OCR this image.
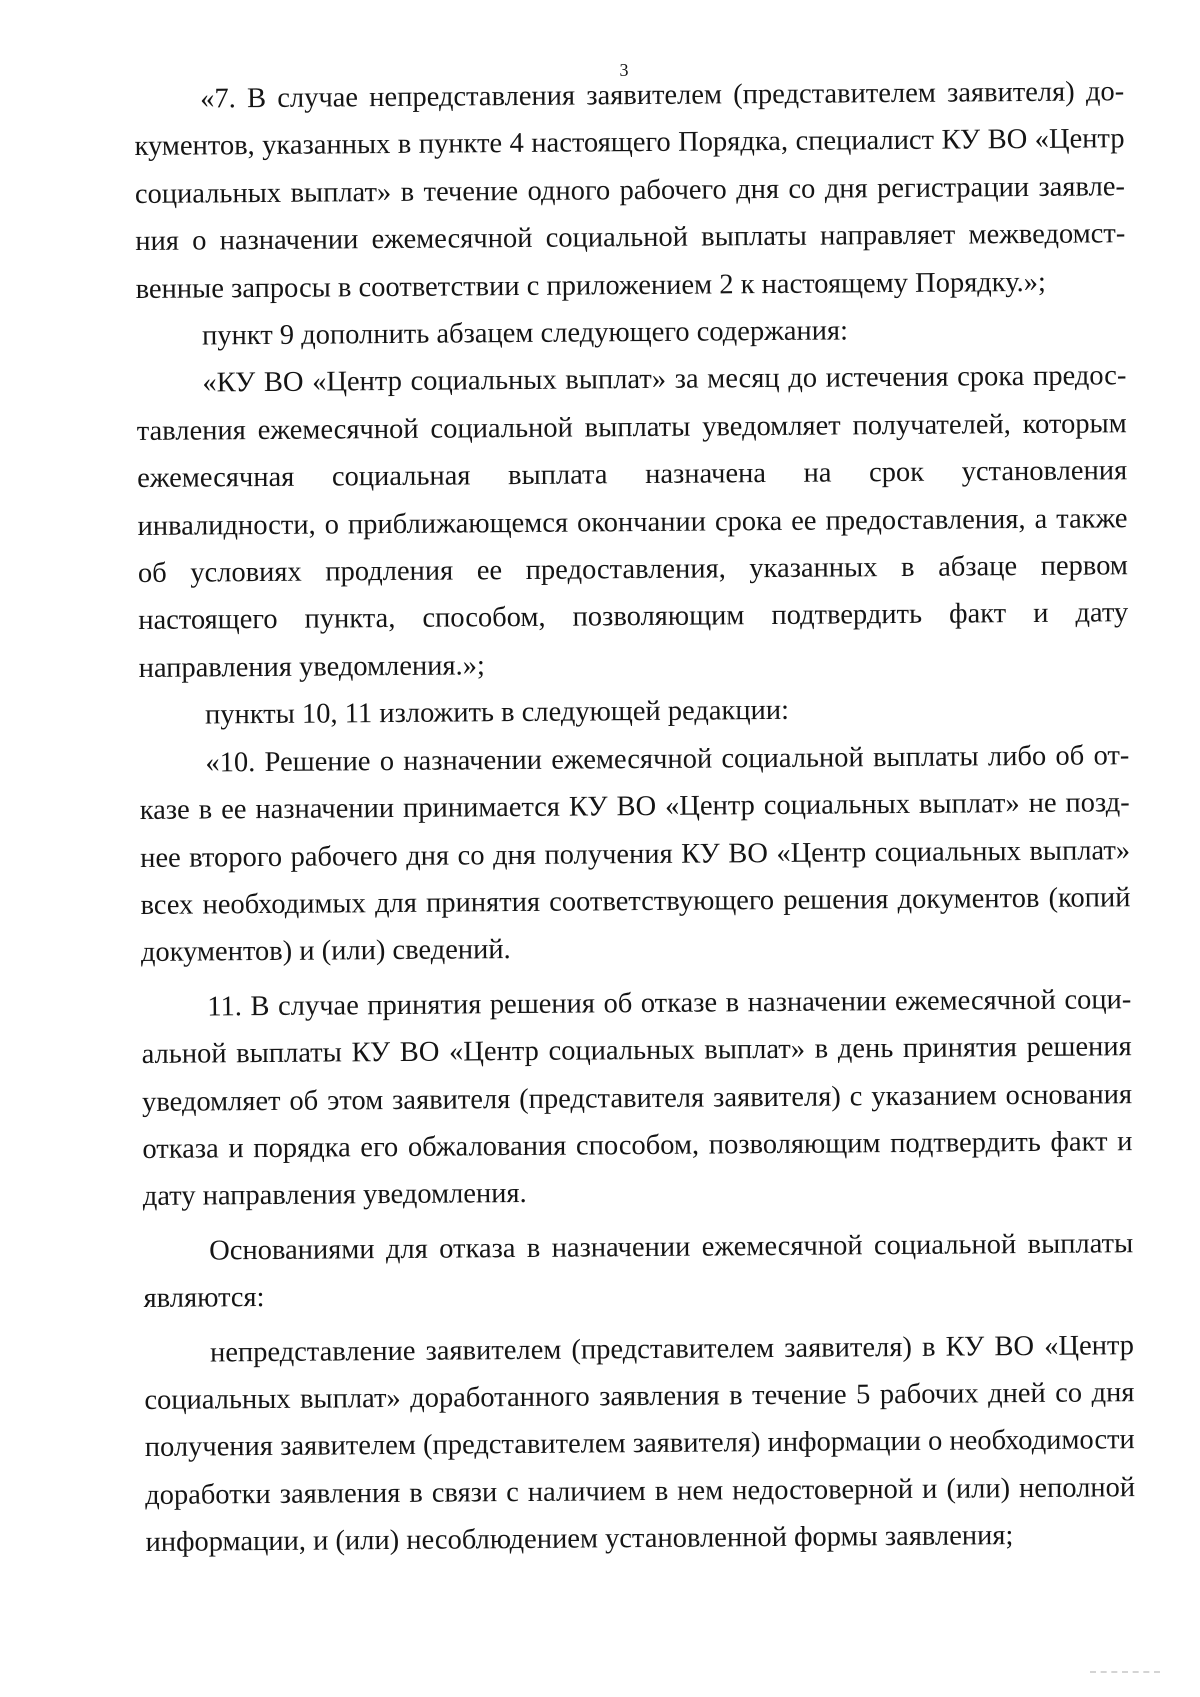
3

«7. В случае непредставления заявителем (представителем заявителя) документов, указанных в пункте 4 настоящего Порядка, специалист КУ ВО «Центр социальных выплат» в течение одного рабочего дня со дня регистрации заявления о назначении ежемесячной социальной выплаты направляет межведомственные запросы в соответствии с приложением 2 к настоящему Порядку.»;

пункт 9 дополнить абзацем следующего содержания:

«КУ ВО «Центр социальных выплат» за месяц до истечения срока предоставления ежемесячной социальной выплаты уведомляет получателей, которым ежемесячная социальная выплата назначена на срок установления инвалидности, о приближающемся окончании срока ее предоставления, а также об условиях продления ее предоставления, указанных в абзаце первом настоящего пункта, способом, позволяющим подтвердить факт и дату направления уведомления.»;

пункты 10, 11 изложить в следующей редакции:

«10. Решение о назначении ежемесячной социальной выплаты либо об отказе в ее назначении принимается КУ ВО «Центр социальных выплат» не позднее второго рабочего дня со дня получения КУ ВО «Центр социальных выплат» всех необходимых для принятия соответствующего решения документов (копий документов) и (или) сведений.

11. В случае принятия решения об отказе в назначении ежемесячной социальной выплаты КУ ВО «Центр социальных выплат» в день принятия решения уведомляет об этом заявителя (представителя заявителя) с указанием основания отказа и порядка его обжалования способом, позволяющим подтвердить факт и дату направления уведомления.

Основаниями для отказа в назначении ежемесячной социальной выплаты являются:

непредставление заявителем (представителем заявителя) в КУ ВО «Центр социальных выплат» доработанного заявления в течение 5 рабочих дней со дня получения заявителем (представителем заявителя) информации о необходимости доработки заявления в связи с наличием в нем недостоверной и (или) неполной информации, и (или) несоблюдением установленной формы заявления;
